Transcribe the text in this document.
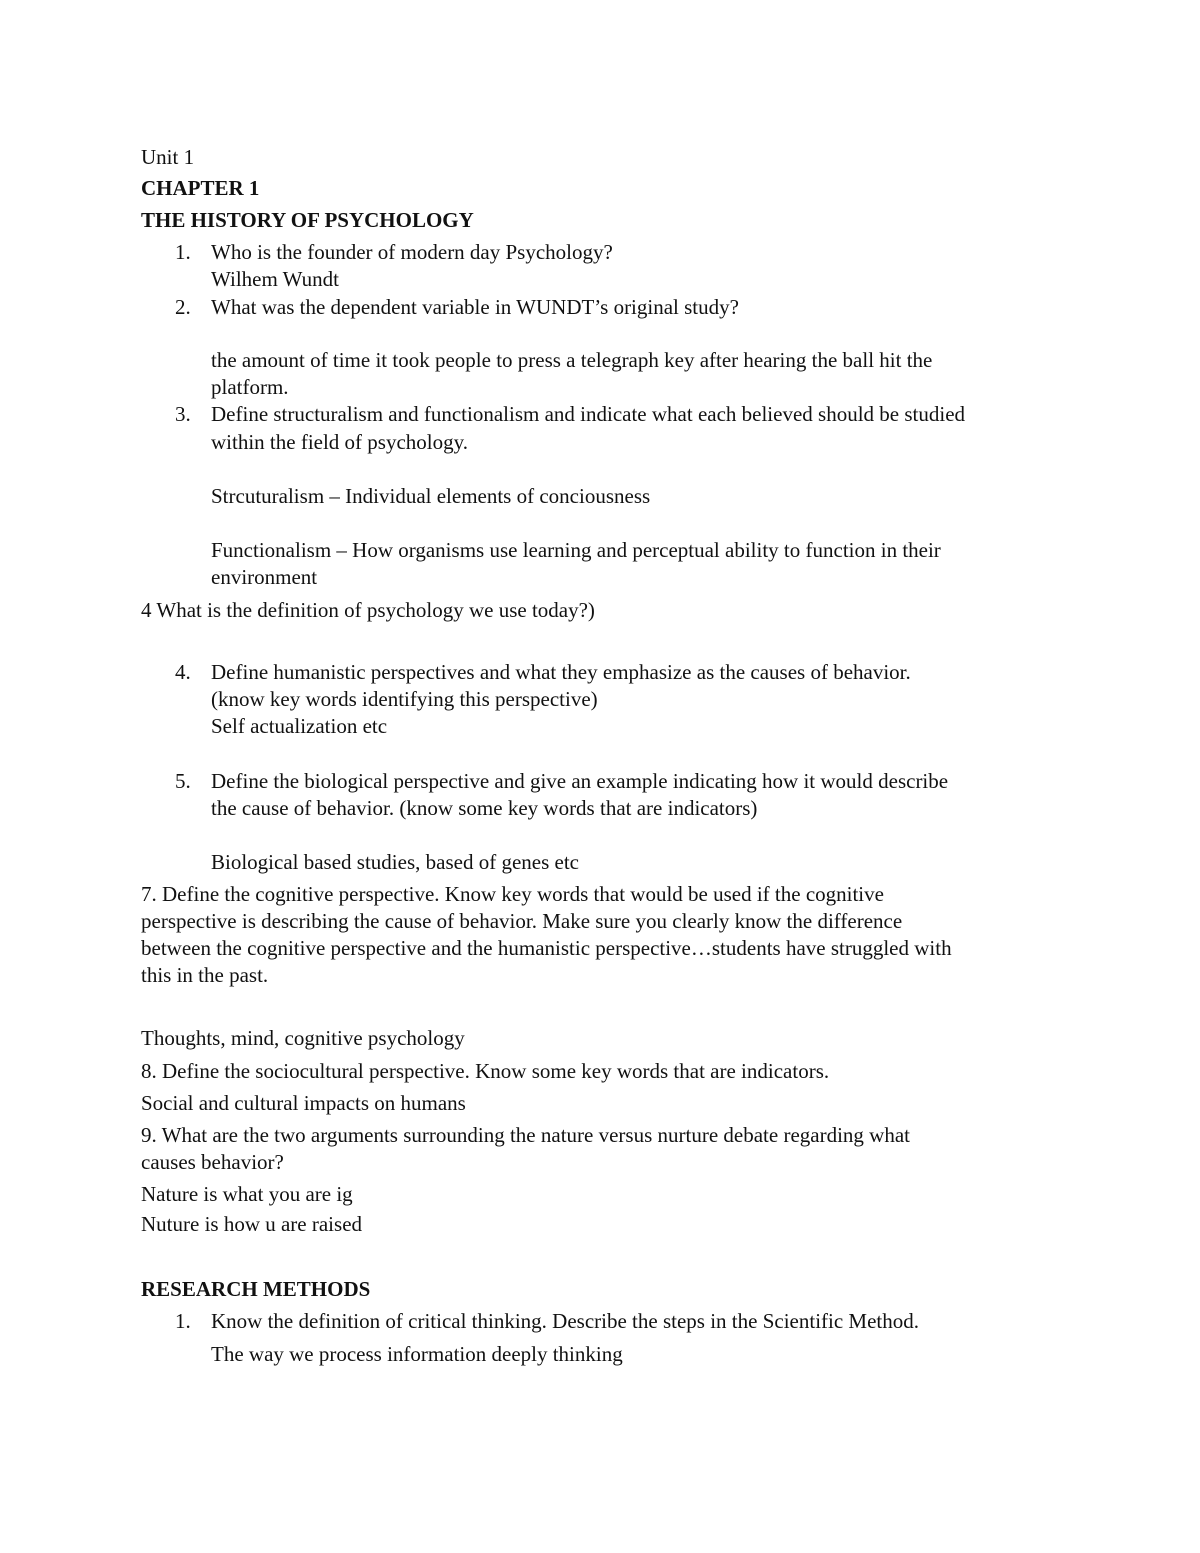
Unit 1
CHAPTER 1
THE HISTORY OF PSYCHOLOGY
1. Who is the founder of modern day Psychology?
Wilhem Wundt
2. What was the dependent variable in WUNDT’s original study?
the amount of time it took people to press a telegraph key after hearing the ball hit the
platform.
3. Define structuralism and functionalism and indicate what each believed should be studied
within the field of psychology.
Strcuturalism – Individual elements of conciousness
Functionalism – How organisms use learning and perceptual ability to function in their
environment
4 What is the definition of psychology we use today?)
4. Define humanistic perspectives and what they emphasize as the causes of behavior.
(know key words identifying this perspective)
Self actualization etc
5. Define the biological perspective and give an example indicating how it would describe
the cause of behavior. (know some key words that are indicators)
Biological based studies, based of genes etc
7. Define the cognitive perspective. Know key words that would be used if the cognitive
perspective is describing the cause of behavior. Make sure you clearly know the difference
between the cognitive perspective and the humanistic perspective…students have struggled with
this in the past.
Thoughts, mind, cognitive psychology
8. Define the sociocultural perspective. Know some key words that are indicators.
Social and cultural impacts on humans
9. What are the two arguments surrounding the nature versus nurture debate regarding what
causes behavior?
Nature is what you are ig
Nuture is how u are raised
RESEARCH METHODS
1. Know the definition of critical thinking. Describe the steps in the Scientific Method.
The way we process information deeply thinking
